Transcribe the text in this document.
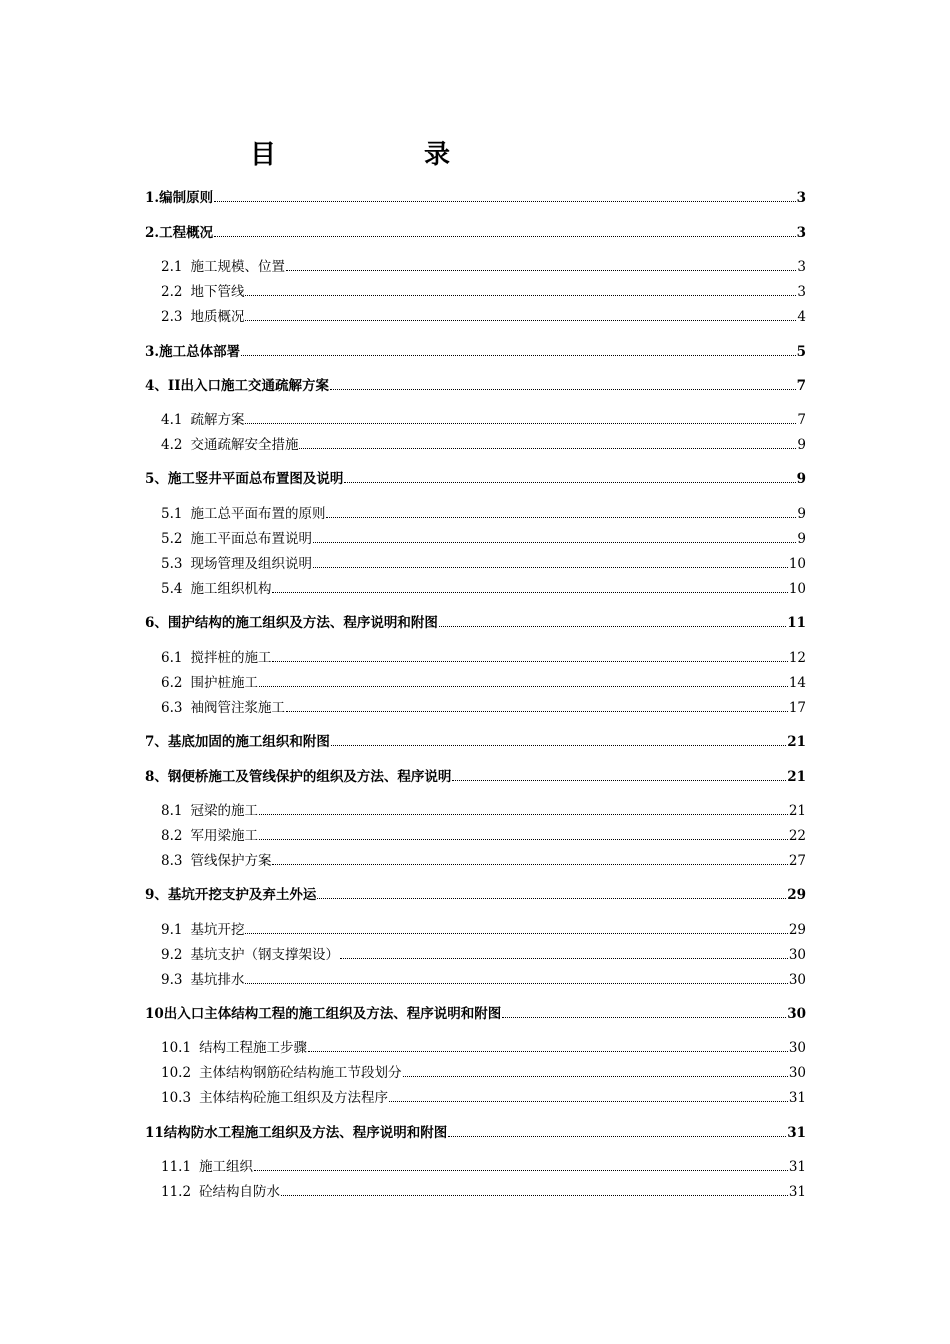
目	录
1. 编制原则	3
2. 工程概况	3
2.1 施工规模、位置	3
2.2 地下管线	3
2.3 地质概况	4
3. 施工总体部署	5
4、 II出入口施工交通疏解方案	7
4.1 疏解方案	7
4.2 交通疏解安全措施	9
5、 施工竖井平面总布置图及说明	9
5.1 施工总平面布置的原则	9
5.2 施工平面总布置说明	9
5.3 现场管理及组织说明	10
5.4 施工组织机构	10
6、 围护结构的施工组织及方法、程序说明和附图	11
6.1 搅拌桩的施工	12
6.2 围护桩施工	14
6.3 袖阀管注浆施工	17
7、 基底加固的施工组织和附图	21
8、 钢便桥施工及管线保护的组织及方法、程序说明	21
8.1 冠梁的施工	21
8.2 军用梁施工	22
8.3 管线保护方案	27
9、 基坑开挖支护及弃土外运	29
9.1 基坑开挖	29
9.2 基坑支护（钢支撑架设）	30
9.3 基坑排水	30
10 出入口主体结构工程的施工组织及方法、程序说明和附图	30
10.1 结构工程施工步骤	30
10.2 主体结构钢筋砼结构施工节段划分	30
10.3 主体结构砼施工组织及方法程序	31
11 结构防水工程施工组织及方法、程序说明和附图	31
11.1 施工组织	31
11.2 砼结构自防水	31
